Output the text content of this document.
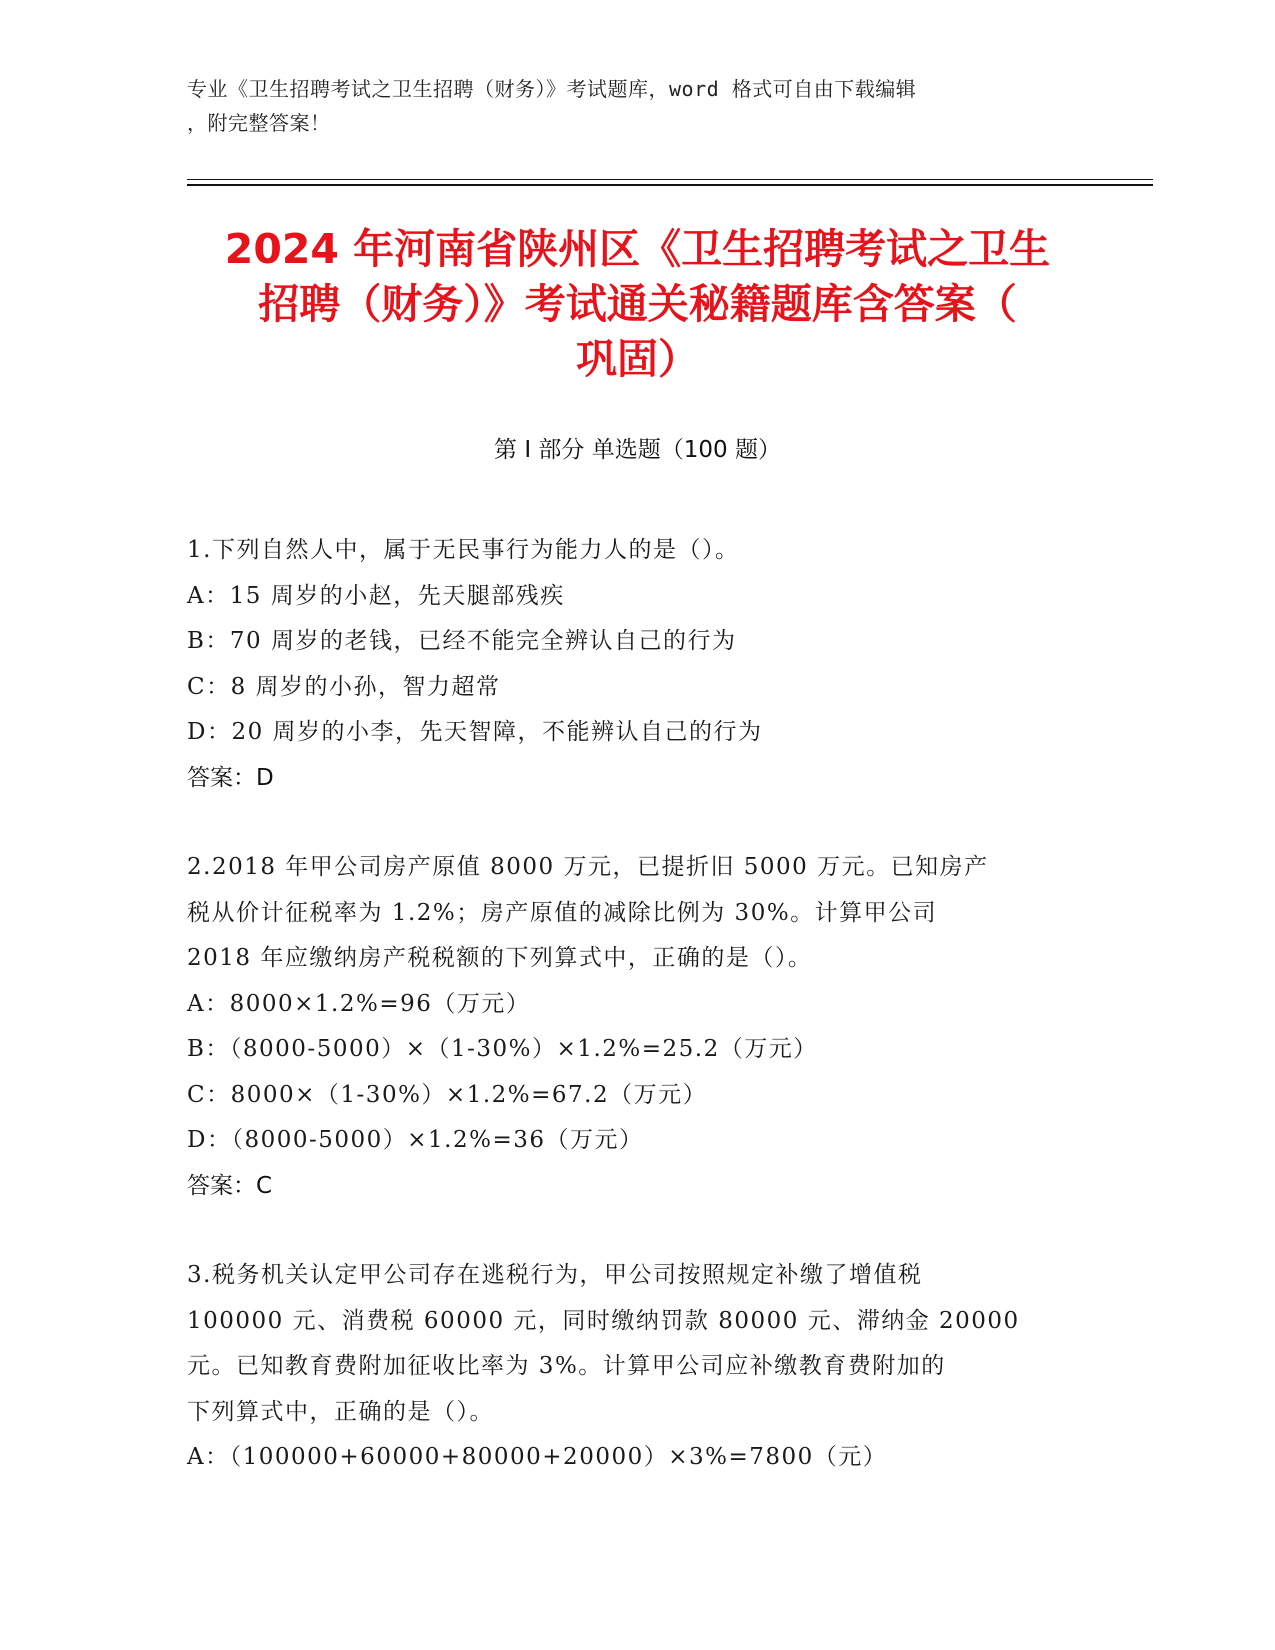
专业《卫生招聘考试之卫生招聘（财务）》考试题库，word 格式可自由下载编辑
，附完整答案！
2024 年河南省陕州区《卫生招聘考试之卫生
招聘（财务）》考试通关秘籍题库含答案（
巩固）
第 I 部分 单选题（100 题）
1.下列自然人中，属于无民事行为能力人的是（）。
A：15 周岁的小赵，先天腿部残疾
B：70 周岁的老钱，已经不能完全辨认自己的行为
C：8 周岁的小孙，智力超常
D：20 周岁的小李，先天智障，不能辨认自己的行为
答案：D
2.2018 年甲公司房产原值 8000 万元，已提折旧 5000 万元。已知房产
税从价计征税率为 1.2%；房产原值的减除比例为 30%。计算甲公司
2018 年应缴纳房产税税额的下列算式中，正确的是（）。
A：8000×1.2%=96（万元）
B：（8000-5000）×（1-30%）×1.2%=25.2（万元）
C：8000×（1-30%）×1.2%=67.2（万元）
D：（8000-5000）×1.2%=36（万元）
答案：C
3.税务机关认定甲公司存在逃税行为，甲公司按照规定补缴了增值税
100000 元、消费税 60000 元，同时缴纳罚款 80000 元、滞纳金 20000
元。已知教育费附加征收比率为 3%。计算甲公司应补缴教育费附加的
下列算式中，正确的是（）。
A：（100000+60000+80000+20000）×3%=7800（元）
